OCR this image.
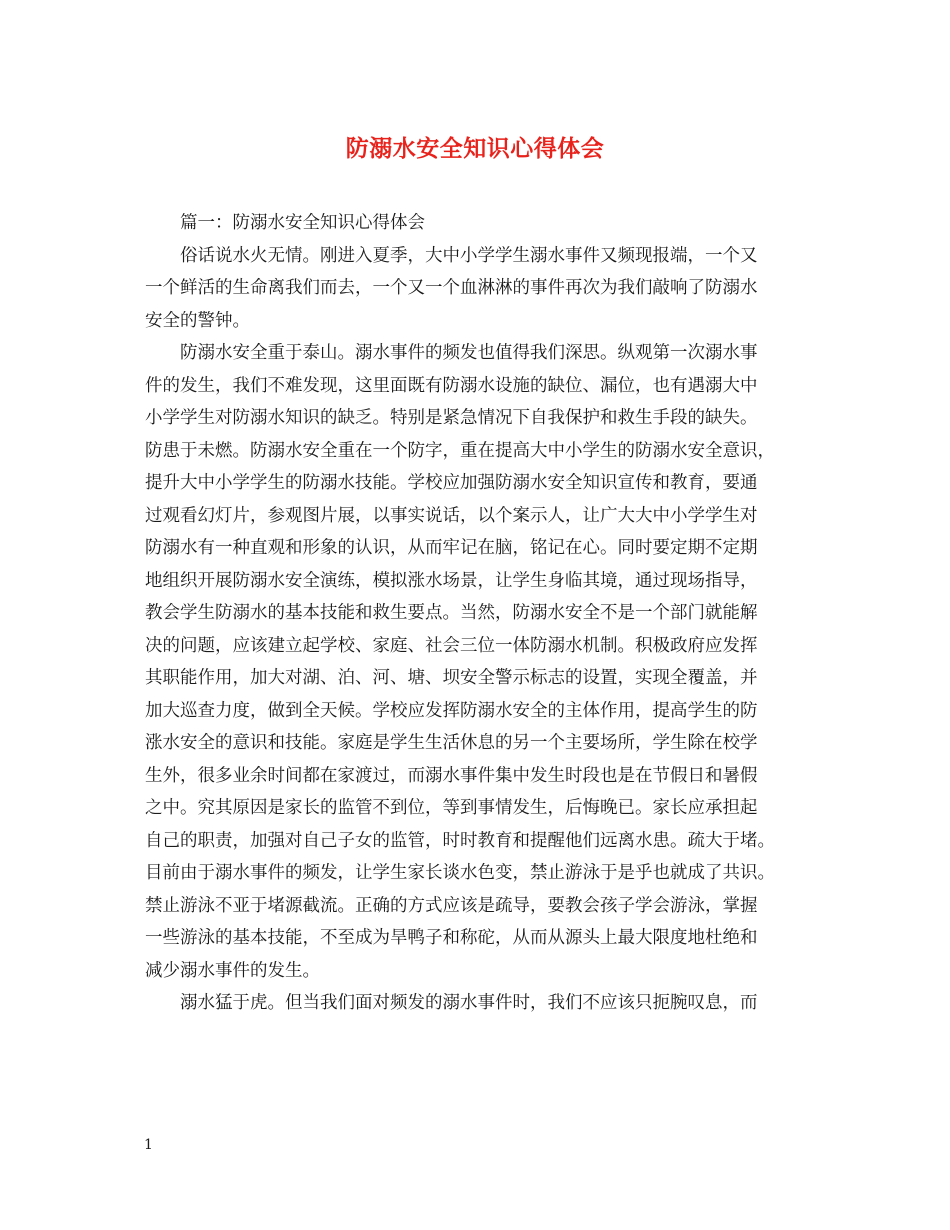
防溺水安全知识心得体会
篇一：防溺水安全知识心得体会
俗话说水火无情。刚进入夏季，大中小学学生溺水事件又频现报端，一个又
一个鲜活的生命离我们而去，一个又一个血淋淋的事件再次为我们敲响了防溺水
安全的警钟。
防溺水安全重于泰山。溺水事件的频发也值得我们深思。纵观第一次溺水事
件的发生，我们不难发现，这里面既有防溺水设施的缺位、漏位，也有遇溺大中
小学学生对防溺水知识的缺乏。特别是紧急情况下自我保护和救生手段的缺失。
防患于未燃。防溺水安全重在一个防字，重在提高大中小学生的防溺水安全意识，
提升大中小学学生的防溺水技能。学校应加强防溺水安全知识宣传和教育，要通
过观看幻灯片，参观图片展，以事实说话，以个案示人，让广大大中小学学生对
防溺水有一种直观和形象的认识，从而牢记在脑，铭记在心。同时要定期不定期
地组织开展防溺水安全演练，模拟涨水场景，让学生身临其境，通过现场指导，
教会学生防溺水的基本技能和救生要点。当然，防溺水安全不是一个部门就能解
决的问题，应该建立起学校、家庭、社会三位一体防溺水机制。积极政府应发挥
其职能作用，加大对湖、泊、河、塘、坝安全警示标志的设置，实现全覆盖，并
加大巡查力度，做到全天候。学校应发挥防溺水安全的主体作用，提高学生的防
涨水安全的意识和技能。家庭是学生生活休息的另一个主要场所，学生除在校学
生外，很多业余时间都在家渡过，而溺水事件集中发生时段也是在节假日和暑假
之中。究其原因是家长的监管不到位，等到事情发生，后悔晚已。家长应承担起
自己的职责，加强对自己子女的监管，时时教育和提醒他们远离水患。疏大于堵。
目前由于溺水事件的频发，让学生家长谈水色变，禁止游泳于是乎也就成了共识。
禁止游泳不亚于堵源截流。正确的方式应该是疏导，要教会孩子学会游泳，掌握
一些游泳的基本技能，不至成为旱鸭子和称砣，从而从源头上最大限度地杜绝和
减少溺水事件的发生。
溺水猛于虎。但当我们面对频发的溺水事件时，我们不应该只扼腕叹息，而
1
